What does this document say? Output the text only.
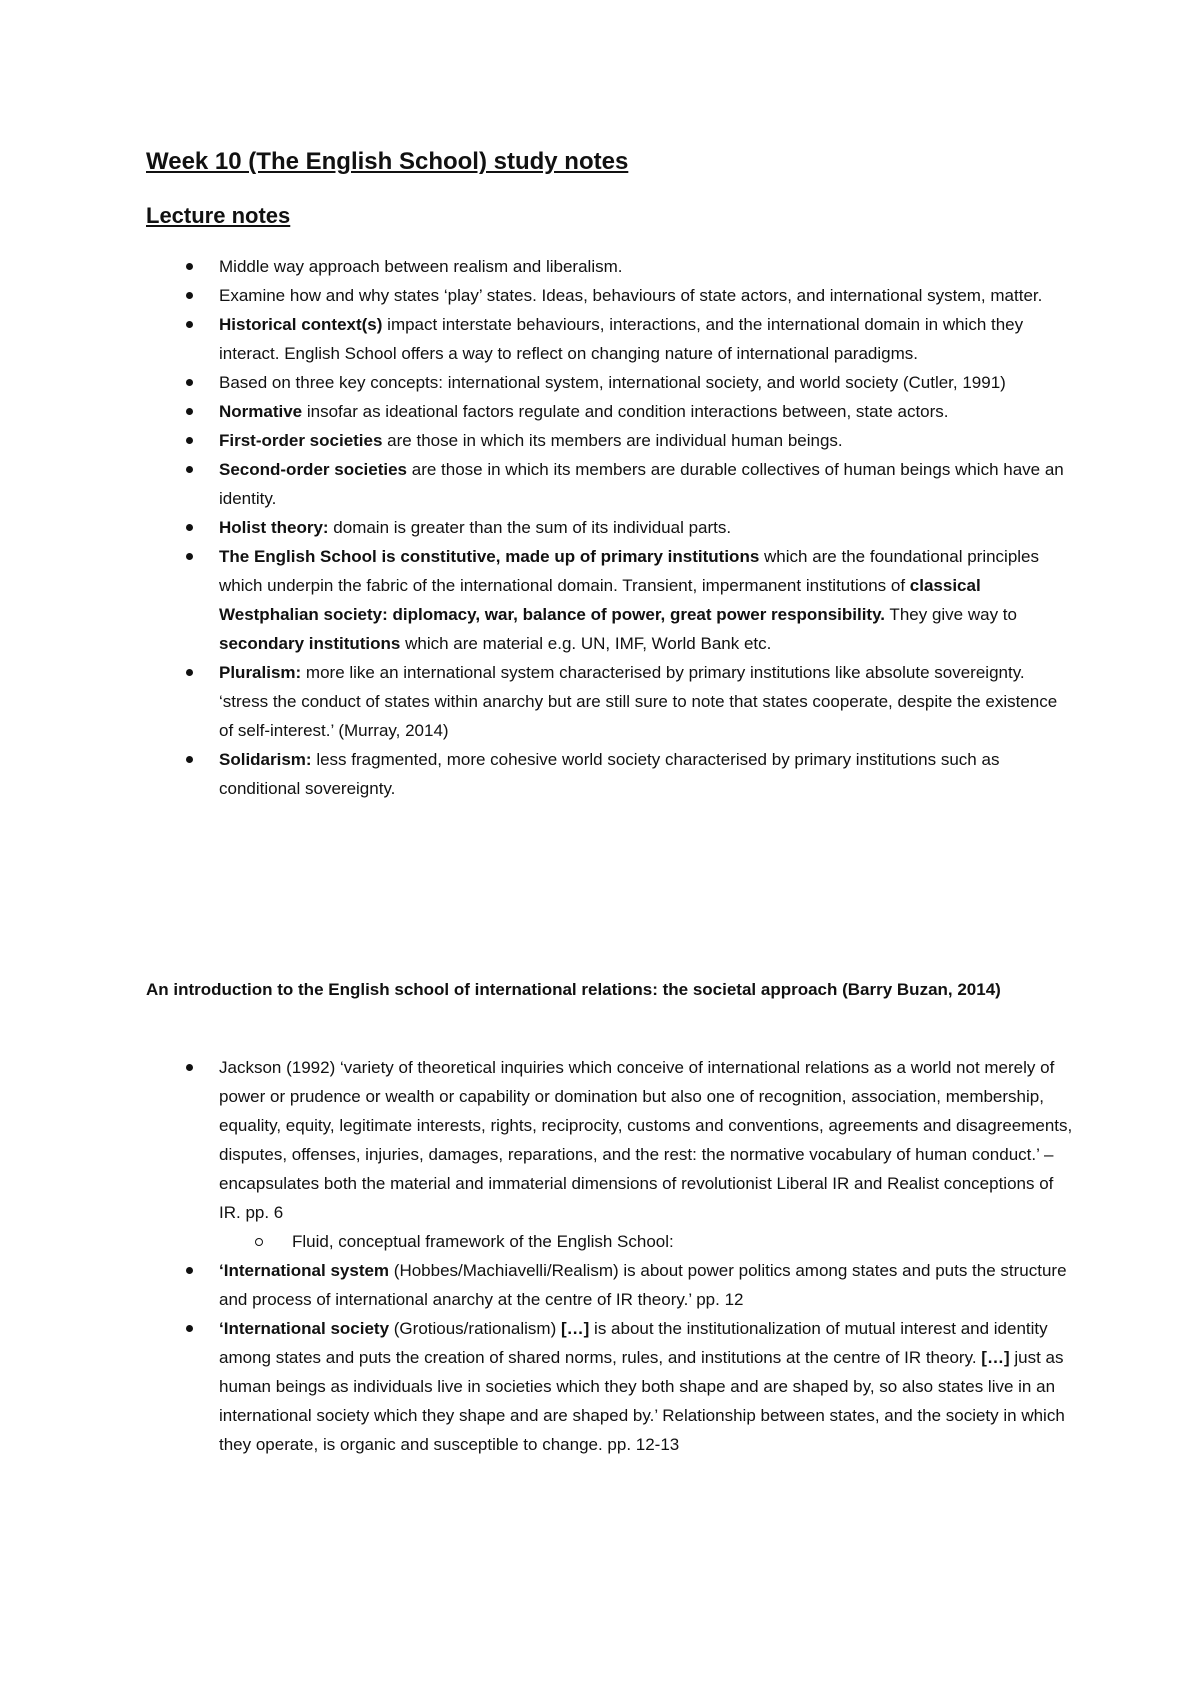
Week 10 (The English School) study notes
Lecture notes
Middle way approach between realism and liberalism.
Examine how and why states ‘play’ states. Ideas, behaviours of state actors, and international system, matter.
Historical context(s) impact interstate behaviours, interactions, and the international domain in which they interact. English School offers a way to reflect on changing nature of international paradigms.
Based on three key concepts: international system, international society, and world society (Cutler, 1991)
Normative insofar as ideational factors regulate and condition interactions between, state actors.
First-order societies are those in which its members are individual human beings.
Second-order societies are those in which its members are durable collectives of human beings which have an identity.
Holist theory: domain is greater than the sum of its individual parts.
The English School is constitutive, made up of primary institutions which are the foundational principles which underpin the fabric of the international domain. Transient, impermanent institutions of classical Westphalian society: diplomacy, war, balance of power, great power responsibility. They give way to secondary institutions which are material e.g. UN, IMF, World Bank etc.
Pluralism: more like an international system characterised by primary institutions like absolute sovereignty. ‘stress the conduct of states within anarchy but are still sure to note that states cooperate, despite the existence of self-interest.’ (Murray, 2014)
Solidarism: less fragmented, more cohesive world society characterised by primary institutions such as conditional sovereignty.

An introduction to the English school of international relations: the societal approach (Barry Buzan, 2014)

Jackson (1992) ‘variety of theoretical inquiries which conceive of international relations as a world not merely of power or prudence or wealth or capability or domination but also one of recognition, association, membership, equality, equity, legitimate interests, rights, reciprocity, customs and conventions, agreements and disagreements, disputes, offenses, injuries, damages, reparations, and the rest: the normative vocabulary of human conduct.’ – encapsulates both the material and immaterial dimensions of revolutionist Liberal IR and Realist conceptions of IR. pp. 6
Fluid, conceptual framework of the English School:
‘International system (Hobbes/Machiavelli/Realism) is about power politics among states and puts the structure and process of international anarchy at the centre of IR theory.’ pp. 12
‘International society (Grotious/rationalism) […] is about the institutionalization of mutual interest and identity among states and puts the creation of shared norms, rules, and institutions at the centre of IR theory. […] just as human beings as individuals live in societies which they both shape and are shaped by, so also states live in an international society which they shape and are shaped by.’ Relationship between states, and the society in which they operate, is organic and susceptible to change. pp. 12-13
